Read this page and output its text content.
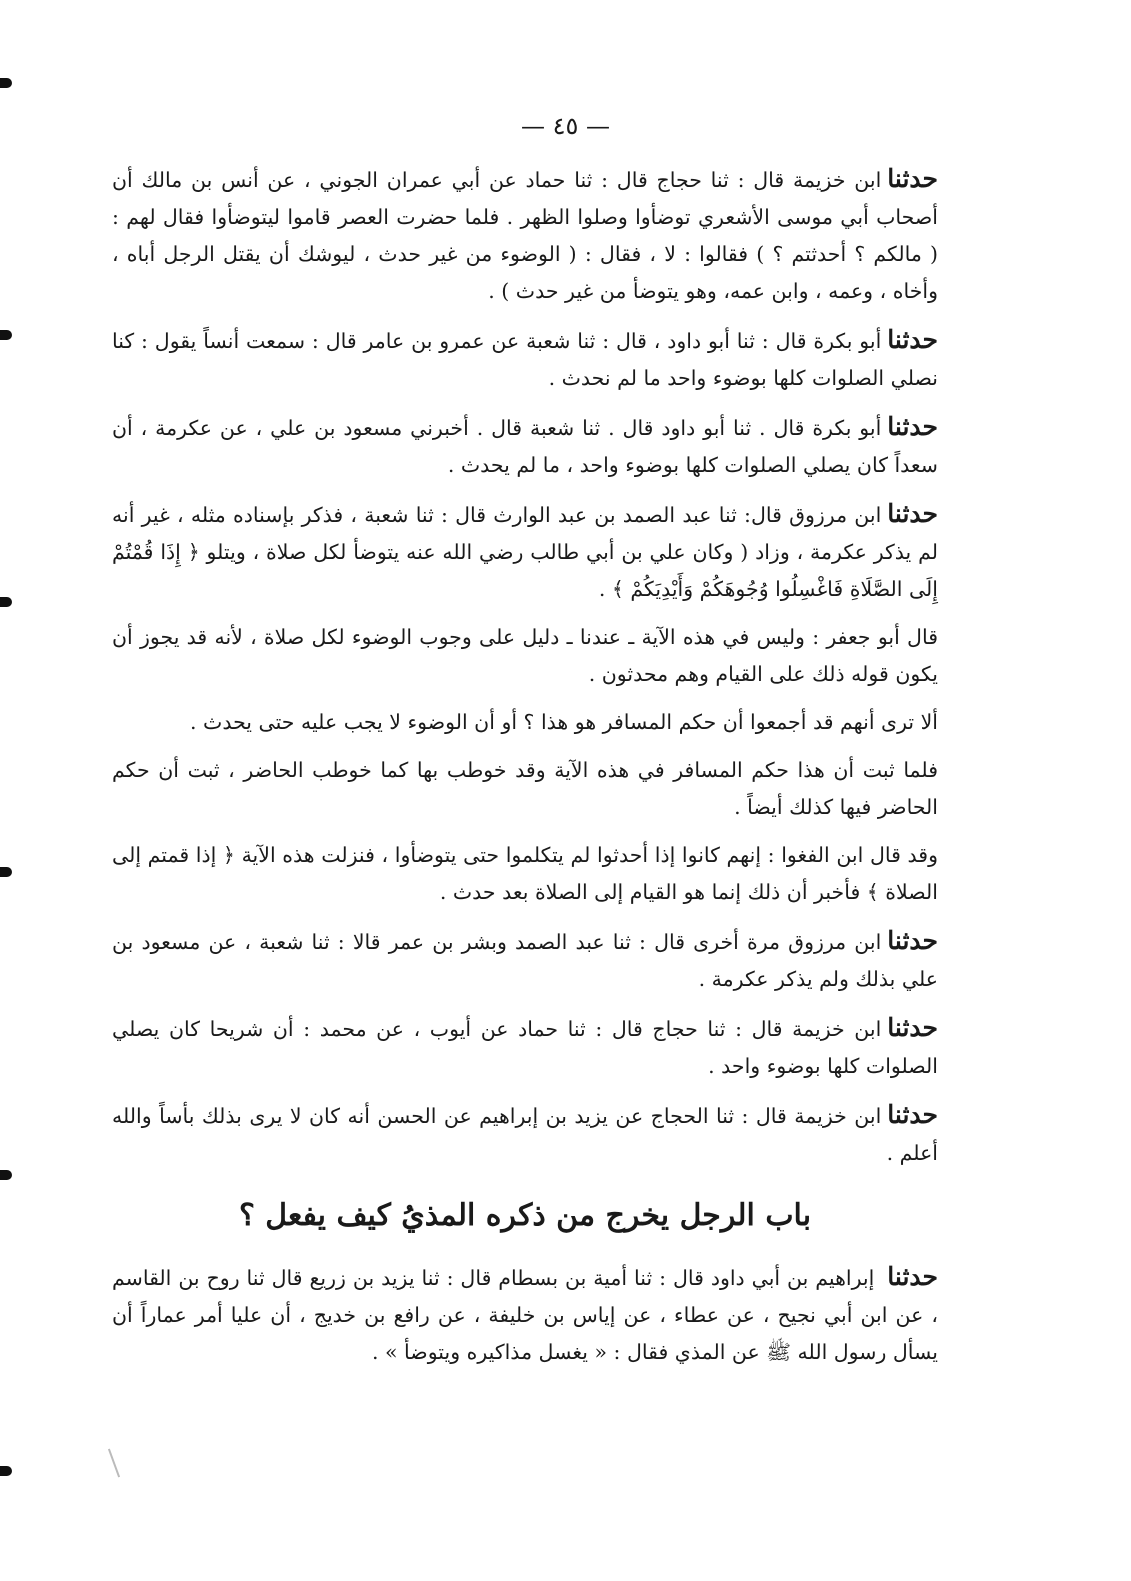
— ٤٥ —

حدثناابن خزيمة قال : ثنا حجاج قال : ثنا حماد عن أبي عمران الجوني ، عن أنس بن مالك أن أصحاب أبي موسى الأشعري توضأوا وصلوا الظهر . فلما حضرت العصر قاموا ليتوضأوا فقال لهم : ( مالكم ؟ أحدثتم ؟ ) فقالوا : لا ، فقال : ( الوضوء من غير حدث ، ليوشك أن يقتل الرجل أباه ، وأخاه ، وعمه ، وابن عمه، وهو يتوضأ من غير حدث ) .

حدثناأبو بكرة قال : ثنا أبو داود ، قال : ثنا شعبة عن عمرو بن عامر قال : سمعت أنساً يقول : كنا نصلي الصلوات كلها بوضوء واحد ما لم نحدث .

حدثناأبو بكرة قال . ثنا أبو داود قال . ثنا شعبة قال . أخبرني مسعود بن علي ، عن عكرمة ، أن سعداً كان يصلي الصلوات كلها بوضوء واحد ، ما لم يحدث .

حدثناابن مرزوق قال: ثنا عبد الصمد بن عبد الوارث قال : ثنا شعبة ، فذكر بإسناده مثله ، غير أنه لم يذكر عكرمة ، وزاد ( وكان علي بن أبي طالب رضي الله عنه يتوضأ لكل صلاة ، ويتلو ﴿ إِذَا قُمْتُمْ إِلَى الصَّلَاةِ فَاغْسِلُوا وُجُوهَكُمْ وَأَيْدِيَكُمْ ﴾ .

قال أبو جعفر : وليس في هذه الآية ـ عندنا ـ دليل على وجوب الوضوء لكل صلاة ، لأنه قد يجوز أن يكون قوله ذلك على القيام وهم محدثون .

ألا ترى أنهم قد أجمعوا أن حكم المسافر هو هذا ؟ أو أن الوضوء لا يجب عليه حتى يحدث .

فلما ثبت أن هذا حكم المسافر في هذه الآية وقد خوطب بها كما خوطب الحاضر ، ثبت أن حكم الحاضر فيها كذلك أيضاً .

وقد قال ابن الفغوا : إنهم كانوا إذا أحدثوا لم يتكلموا حتى يتوضأوا ، فنزلت هذه الآية ﴿ إذا قمتم إلى الصلاة ﴾ فأخبر أن ذلك إنما هو القيام إلى الصلاة بعد حدث .

حدثناابن مرزوق مرة أخرى قال : ثنا عبد الصمد وبشر بن عمر قالا : ثنا شعبة ، عن مسعود بن علي بذلك ولم يذكر عكرمة .

حدثناابن خزيمة قال : ثنا حجاج قال : ثنا حماد عن أيوب ، عن محمد : أن شريحا كان يصلي الصلوات كلها بوضوء واحد .

حدثناابن خزيمة قال : ثنا الحجاج عن يزيد بن إبراهيم عن الحسن أنه كان لا يرى بذلك بأساً والله أعلم .

باب الرجل يخرج من ذكره المذيُ كيف يفعل ؟

حدثنا إبراهيم بن أبي داود قال : ثنا أمية بن بسطام قال : ثنا يزيد بن زريع قال ثنا روح بن القاسم ، عن ابن أبي نجيح ، عن عطاء ، عن إياس بن خليفة ، عن رافع بن خديج ، أن عليا أمر عماراً أن يسأل رسول الله ﷺ عن المذي فقال : « يغسل مذاكيره ويتوضأ » .
